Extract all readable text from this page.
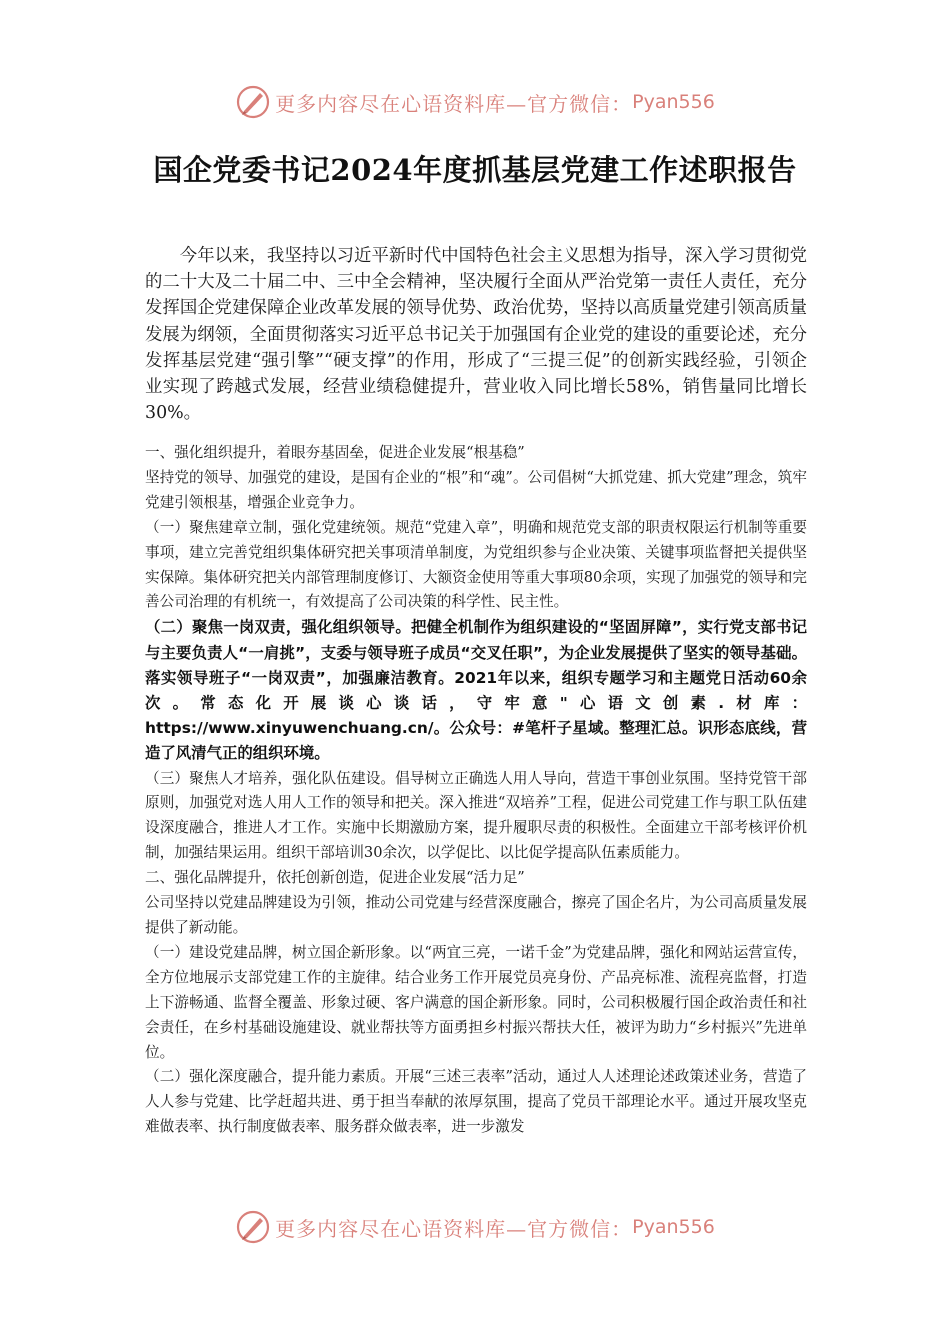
更多内容尽在心语资料库—官方微信： Pyan556
国企党委书记2024年度抓基层党建工作述职报告

今年以来，我坚持以习近平新时代中国特色社会主义思想为指导，深入学习贯彻党的二十大及二十届二中、三中全会精神，坚决履行全面从严治党第一责任人责任，充分发挥国企党建保障企业改革发展的领导优势、政治优势，坚持以高质量党建引领高质量发展为纲领，全面贯彻落实习近平总书记关于加强国有企业党的建设的重要论述，充分发挥基层党建“强引擎”“硬支撑”的作用，形成了“三提三促”的创新实践经验，引领企业实现了跨越式发展，经营业绩稳健提升，营业收入同比增长58%，销售量同比增长30%。

一、强化组织提升，着眼夯基固垒，促进企业发展“根基稳”

坚持党的领导、加强党的建设，是国有企业的“根”和“魂”。公司倡树“大抓党建、抓大党建”理念，筑牢党建引领根基，增强企业竞争力。

（一）聚焦建章立制，强化党建统领。规范“党建入章”，明确和规范党支部的职责权限运行机制等重要事项，建立完善党组织集体研究把关事项清单制度，为党组织参与企业决策、关键事项监督把关提供坚实保障。集体研究把关内部管理制度修订、大额资金使用等重大事项80余项，实现了加强党的领导和完善公司治理的有机统一，有效提高了公司决策的科学性、民主性。

（二）聚焦一岗双责，强化组织领导。把健全机制作为组织建设的“坚固屏障”，实行党支部书记与主要负责人“一肩挑”，支委与领导班子成员“交叉任职”，为企业发展提供了坚实的领导基础。落实领导班子“一岗双责”，加强廉洁教育。2021年以来，组织专题学习和主题党日活动60余次。常态化开展谈心谈话，守牢意"心语文创素.材库：https://www.xinyuwenchuang.cn/。公众号：#笔杆子星域。整理汇总。识形态底线，营造了风清气正的组织环境。

（三）聚焦人才培养，强化队伍建设。倡导树立正确选人用人导向，营造干事创业氛围。坚持党管干部原则，加强党对选人用人工作的领导和把关。深入推进“双培养”工程，促进公司党建工作与职工队伍建设深度融合，推进人才工作。实施中长期激励方案，提升履职尽责的积极性。全面建立干部考核评价机制，加强结果运用。组织干部培训30余次，以学促比、以比促学提高队伍素质能力。

二、强化品牌提升，依托创新创造，促进企业发展“活力足”

公司坚持以党建品牌建设为引领，推动公司党建与经营深度融合，擦亮了国企名片，为公司高质量发展提供了新动能。

（一）建设党建品牌，树立国企新形象。以“两宜三亮，一诺千金”为党建品牌，强化和网站运营宣传，全方位地展示支部党建工作的主旋律。结合业务工作开展党员亮身份、产品亮标准、流程亮监督，打造上下游畅通、监督全覆盖、形象过硬、客户满意的国企新形象。同时，公司积极履行国企政治责任和社会责任，在乡村基础设施建设、就业帮扶等方面勇担乡村振兴帮扶大任，被评为助力“乡村振兴”先进单位。

（二）强化深度融合，提升能力素质。开展“三述三表率”活动，通过人人述理论述政策述业务，营造了人人参与党建、比学赶超共进、勇于担当奉献的浓厚氛围，提高了党员干部理论水平。通过开展攻坚克难做表率、执行制度做表率、服务群众做表率，进一步激发

更多内容尽在心语资料库—官方微信： Pyan556
